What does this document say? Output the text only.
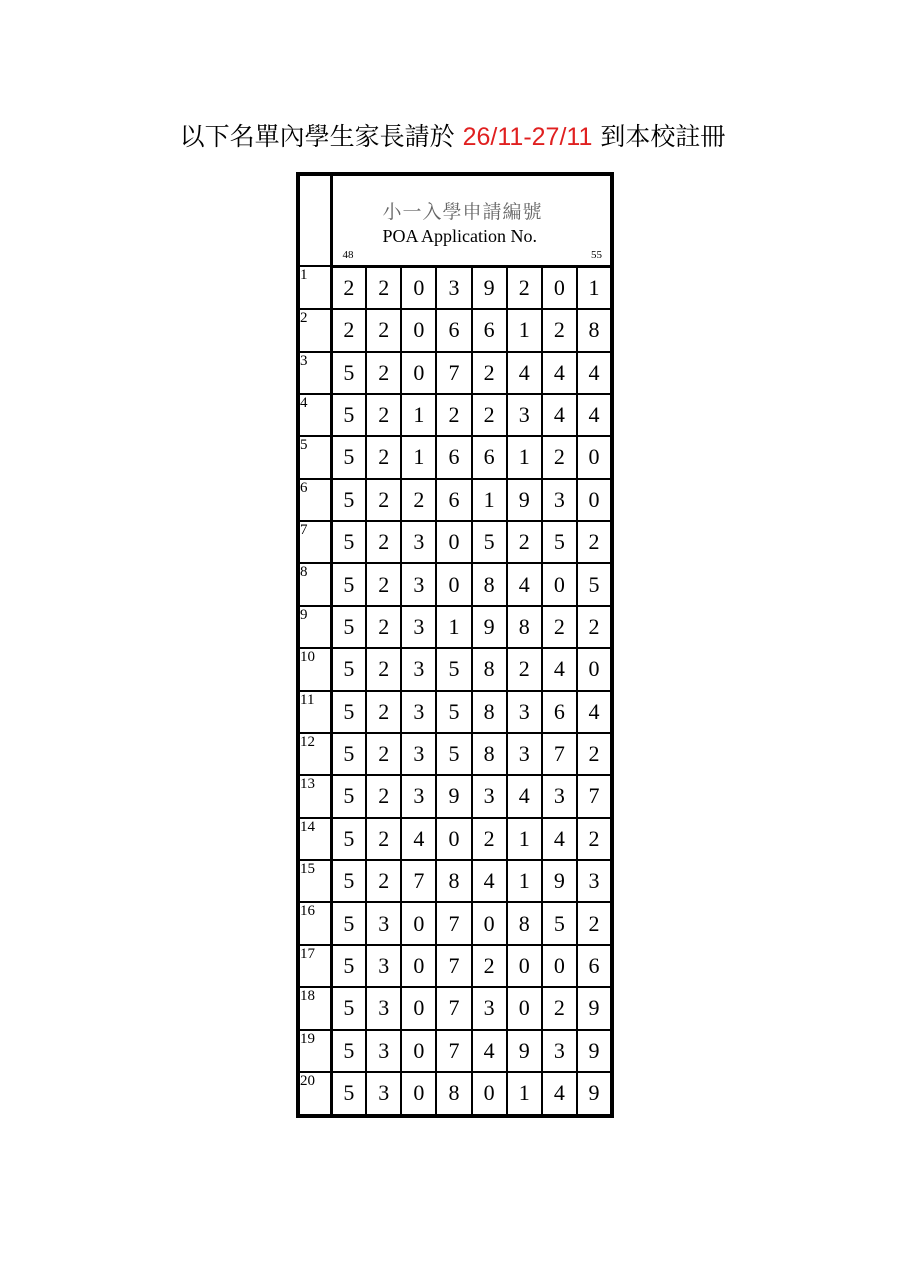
以下名單內學生家長請於 26/11-27/11 到本校註冊

	小一入學申請編號
POA Application No.
48 55							

1	2	2	0	3	9	2	0	1
2	2	2	0	6	6	1	2	8
3	5	2	0	7	2	4	4	4
4	5	2	1	2	2	3	4	4
5	5	2	1	6	6	1	2	0
6	5	2	2	6	1	9	3	0
7	5	2	3	0	5	2	5	2
8	5	2	3	0	8	4	0	5
9	5	2	3	1	9	8	2	2
10	5	2	3	5	8	2	4	0
11	5	2	3	5	8	3	6	4
12	5	2	3	5	8	3	7	2
13	5	2	3	9	3	4	3	7
14	5	2	4	0	2	1	4	2
15	5	2	7	8	4	1	9	3
16	5	3	0	7	0	8	5	2
17	5	3	0	7	2	0	0	6
18	5	3	0	7	3	0	2	9
19	5	3	0	7	4	9	3	9
20	5	3	0	8	0	1	4	9
